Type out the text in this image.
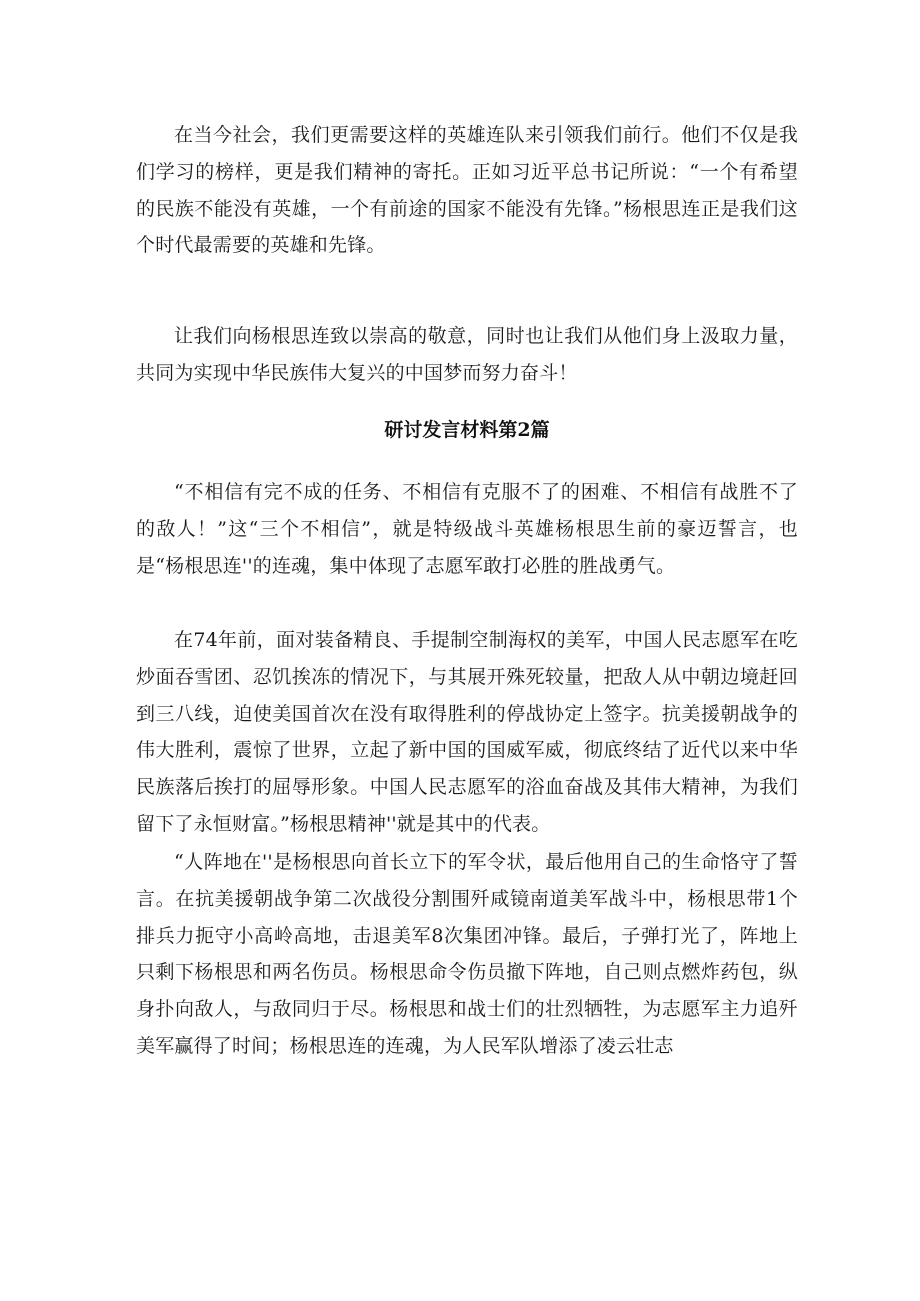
在当今社会，我们更需要这样的英雄连队来引领我们前行。他们不仅是我们学习的榜样，更是我们精神的寄托。正如习近平总书记所说：“一个有希望的民族不能没有英雄，一个有前途的国家不能没有先锋。”杨根思连正是我们这个时代最需要的英雄和先锋。

让我们向杨根思连致以崇高的敬意，同时也让我们从他们身上汲取力量，共同为实现中华民族伟大复兴的中国梦而努力奋斗！

研讨发言材料第2篇

“不相信有完不成的任务、不相信有克服不了的困难、不相信有战胜不了的敌人！”这“三个不相信”，就是特级战斗英雄杨根思生前的豪迈誓言，也是“杨根思连''的连魂，集中体现了志愿军敢打必胜的胜战勇气。

在74年前，面对装备精良、手提制空制海权的美军，中国人民志愿军在吃炒面吞雪团、忍饥挨冻的情况下，与其展开殊死较量，把敌人从中朝边境赶回到三八线，迫使美国首次在没有取得胜利的停战协定上签字。抗美援朝战争的伟大胜利，震惊了世界，立起了新中国的国威军威，彻底终结了近代以来中华民族落后挨打的屈辱形象。中国人民志愿军的浴血奋战及其伟大精神，为我们留下了永恒财富。”杨根思精神''就是其中的代表。

“人阵地在''是杨根思向首长立下的军令状，最后他用自己的生命恪守了誓言。在抗美援朝战争第二次战役分割围歼咸镜南道美军战斗中，杨根思带1个排兵力扼守小高岭高地，击退美军8次集团冲锋。最后，子弹打光了，阵地上只剩下杨根思和两名伤员。杨根思命令伤员撤下阵地，自己则点燃炸药包，纵身扑向敌人，与敌同归于尽。杨根思和战士们的壮烈牺牲，为志愿军主力追歼美军赢得了时间；杨根思连的连魂，为人民军队增添了凌云壮志
